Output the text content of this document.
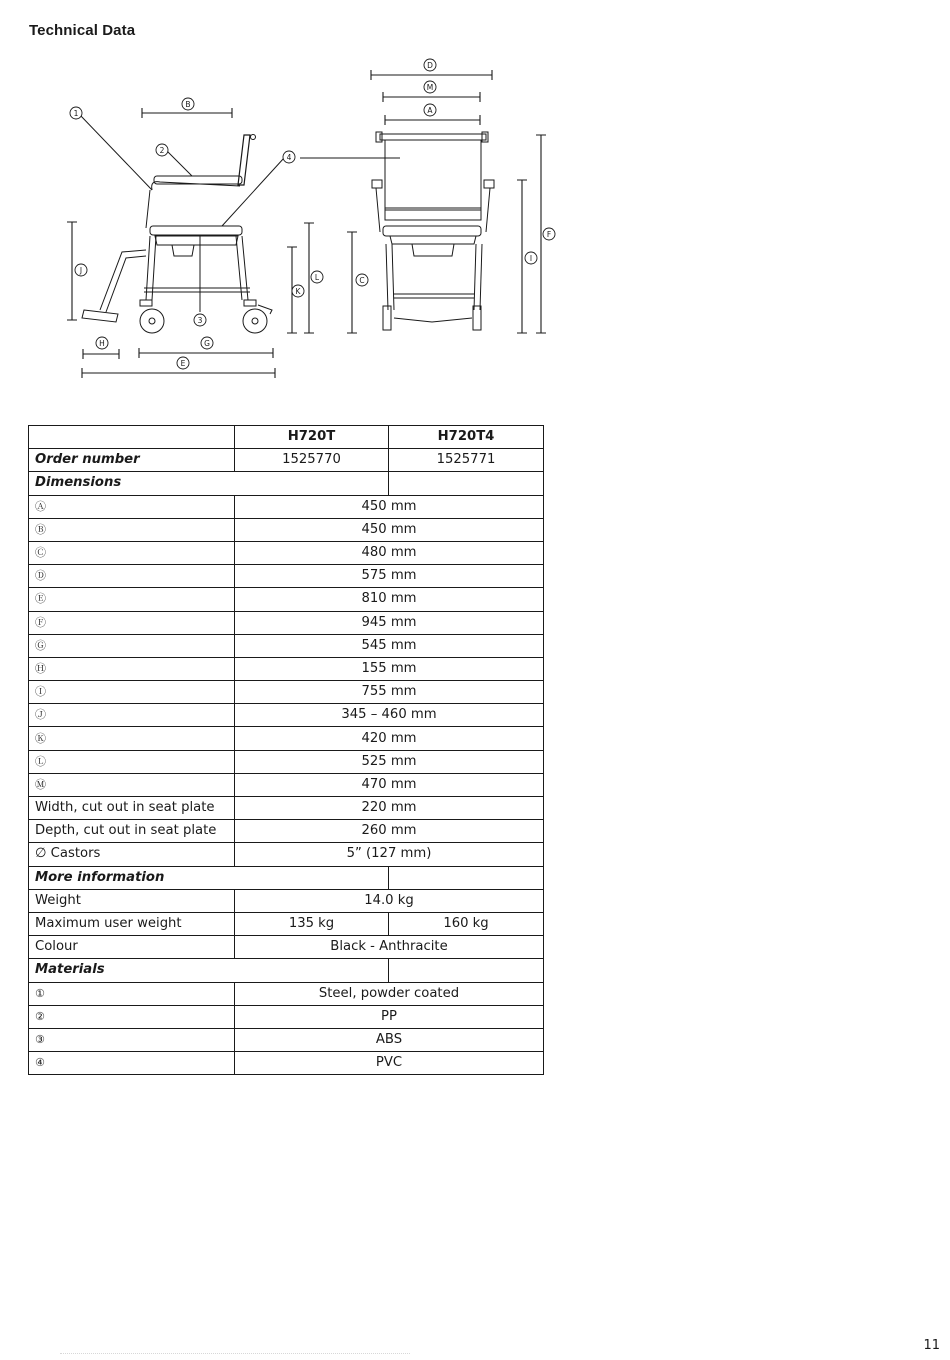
Technical Data
B
H	G
E
J
K
L
D
M
A
C
I
F
1
2
3
4
	H720T	H720T4
Order number	1525770	1525771
Dimensions		
Ⓐ	450 mm	
Ⓑ	450 mm	
Ⓒ	480 mm	
Ⓓ	575 mm	
Ⓔ	810 mm	
Ⓕ	945 mm	
Ⓖ	545 mm	
Ⓗ	155 mm	
Ⓘ	755 mm	
Ⓙ	345 – 460 mm	
Ⓚ	420 mm	
Ⓛ	525 mm	
Ⓜ	470 mm	
Width, cut out in seat plate	220 mm	
Depth, cut out in seat plate	260 mm	
∅ Castors	5” (127 mm)	
More information		
Weight	14.0 kg	
Maximum user weight	135 kg	160 kg
Colour	Black - Anthracite	
Materials		
①	Steel, powder coated	
②	PP	
③	ABS	
④	PVC	
11
